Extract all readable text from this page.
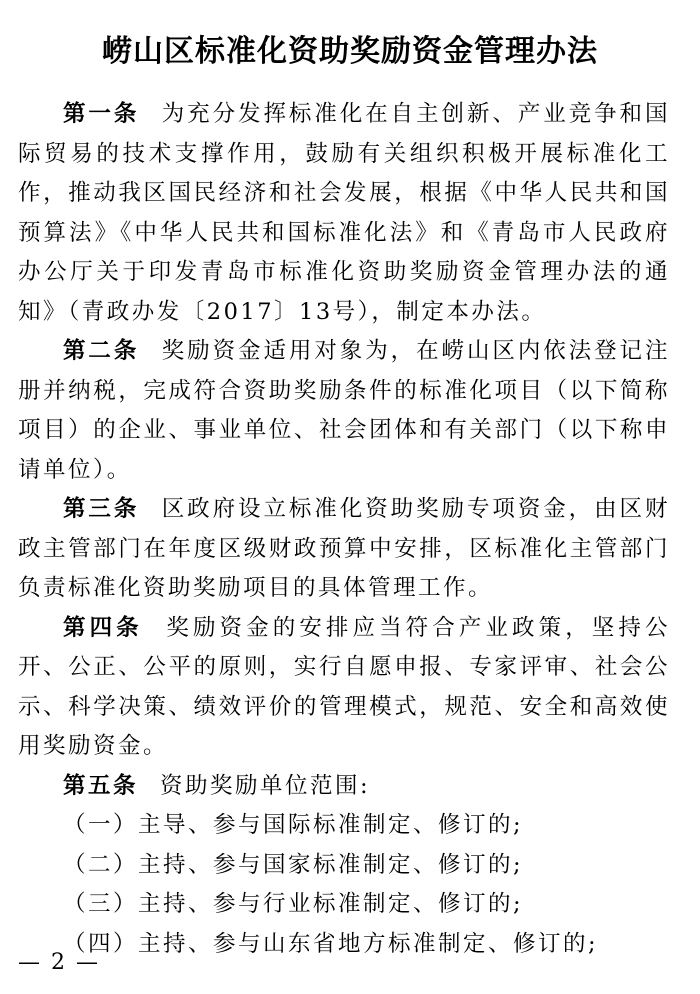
崂山区标准化资助奖励资金管理办法

第一条 为充分发挥标准化在自主创新、产业竞争和国际贸易的技术支撑作用，鼓励有关组织积极开展标准化工作，推动我区国民经济和社会发展，根据《中华人民共和国预算法》《中华人民共和国标准化法》和《青岛市人民政府办公厅关于印发青岛市标准化资助奖励资金管理办法的通知》（青政办发〔2017〕13号），制定本办法。

第二条 奖励资金适用对象为，在崂山区内依法登记注册并纳税，完成符合资助奖励条件的标准化项目（以下简称项目）的企业、事业单位、社会团体和有关部门（以下称申请单位）。

第三条 区政府设立标准化资助奖励专项资金，由区财政主管部门在年度区级财政预算中安排，区标准化主管部门负责标准化资助奖励项目的具体管理工作。

第四条 奖励资金的安排应当符合产业政策，坚持公开、公正、公平的原则，实行自愿申报、专家评审、社会公示、科学决策、绩效评价的管理模式，规范、安全和高效使用奖励资金。

第五条 资助奖励单位范围:

（一）主导、参与国际标准制定、修订的;
（二）主持、参与国家标准制定、修订的;
（三）主持、参与行业标准制定、修订的;
（四）主持、参与山东省地方标准制定、修订的;
— 2 —
